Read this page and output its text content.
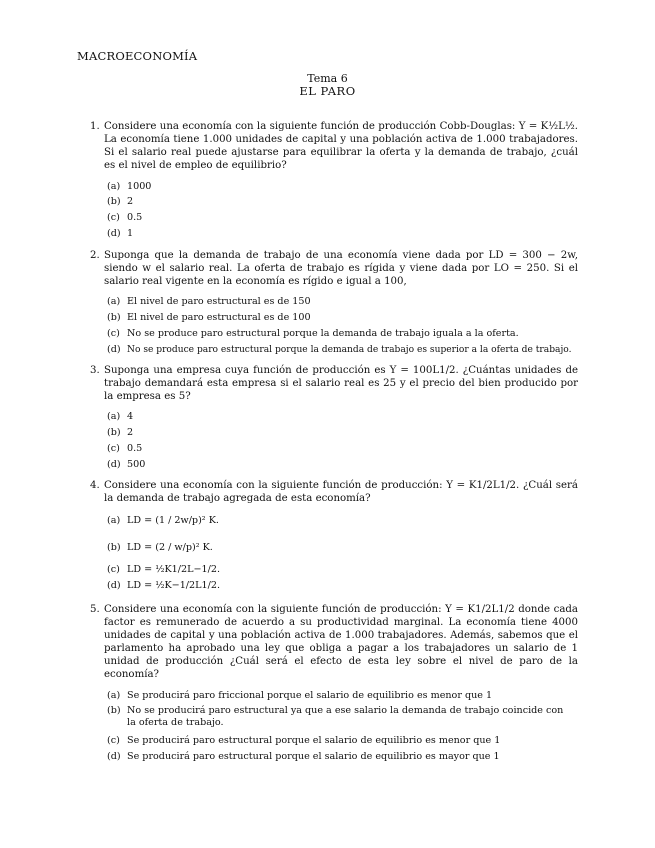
MACROECONOMÍA
Tema 6
EL PARO
1. Considere una economía con la siguiente función de producción Cobb-Douglas: Y = K½L½. La economía tiene 1.000 unidades de capital y una población activa de 1.000 trabajadores. Si el salario real puede ajustarse para equilibrar la oferta y la demanda de trabajo, ¿cuál es el nivel de empleo de equilibrio?
(a) 1000
(b) 2
(c) 0.5
(d) 1
2. Suponga que la demanda de trabajo de una economía viene dada por LD = 300 − 2w, siendo w el salario real. La oferta de trabajo es rígida y viene dada por LO = 250. Si el salario real vigente en la economía es rígido e igual a 100,
(a) El nivel de paro estructural es de 150
(b) El nivel de paro estructural es de 100
(c) No se produce paro estructural porque la demanda de trabajo iguala a la oferta.
(d) No se produce paro estructural porque la demanda de trabajo es superior a la oferta de trabajo.
3. Suponga una empresa cuya función de producción es Y = 100L1/2. ¿Cuántas unidades de trabajo demandará esta empresa si el salario real es 25 y el precio del bien producido por la empresa es 5?
(a) 4
(b) 2
(c) 0.5
(d) 500
4. Considere una economía con la siguiente función de producción: Y = K1/2L1/2. ¿Cuál será la demanda de trabajo agregada de esta economía?
(a) LD = (1 / 2w/p)² K.
(b) LD = (2 / w/p)² K.
(c) LD = ½K1/2L−1/2.
(d) LD = ½K−1/2L1/2.
5. Considere una economía con la siguiente función de producción: Y = K1/2L1/2 donde cada factor es remunerado de acuerdo a su productividad marginal. La economía tiene 4000 unidades de capital y una población activa de 1.000 trabajadores. Además, sabemos que el parlamento ha aprobado una ley que obliga a pagar a los trabajadores un salario de 1 unidad de producción ¿Cuál será el efecto de esta ley sobre el nivel de paro de la economía?
(a) Se producirá paro friccional porque el salario de equilibrio es menor que 1
(b) No se producirá paro estructural ya que a ese salario la demanda de trabajo coincide con la oferta de trabajo.
(c) Se producirá paro estructural porque el salario de equilibrio es menor que 1
(d) Se producirá paro estructural porque el salario de equilibrio es mayor que 1
